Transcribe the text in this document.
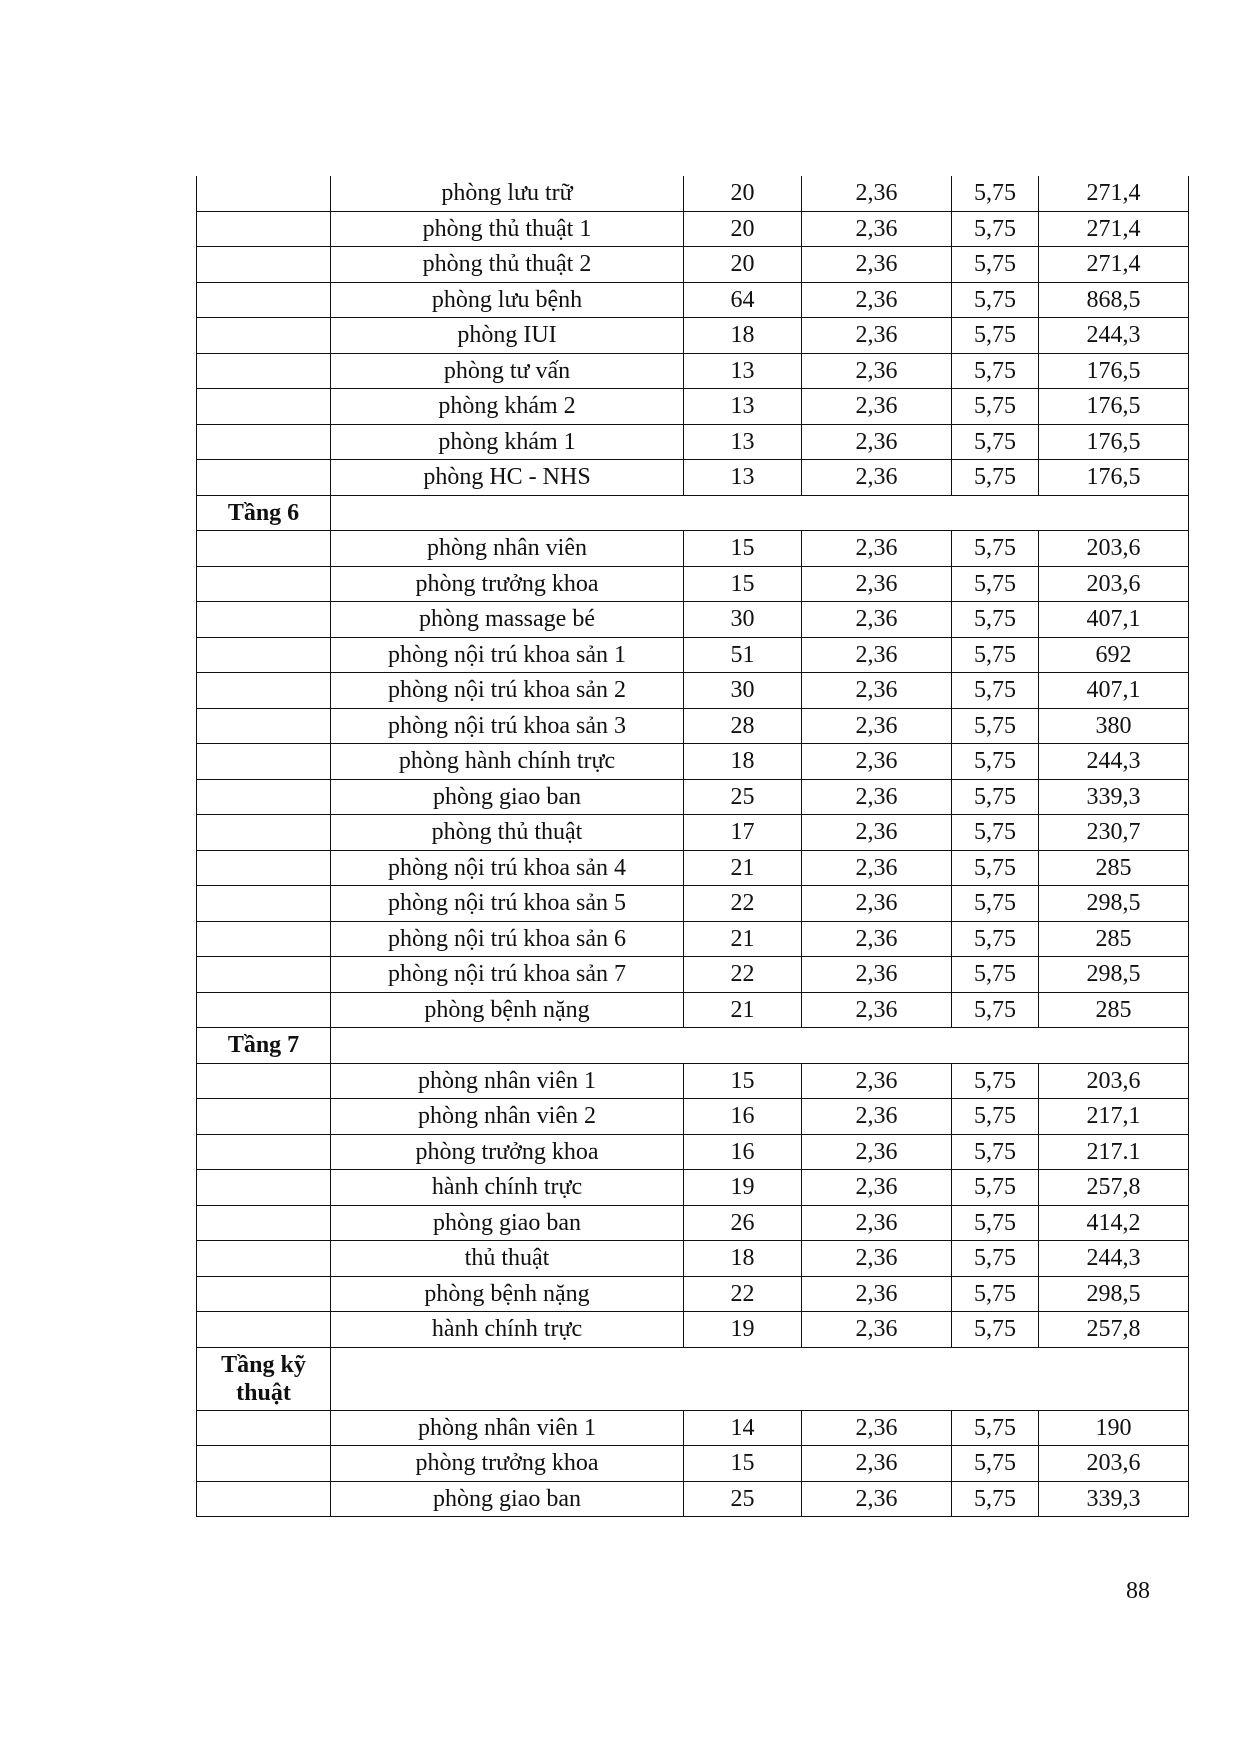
	phòng lưu trữ	20	2,36	5,75	271,4
	phòng thủ thuật 1	20	2,36	5,75	271,4
	phòng thủ thuật 2	20	2,36	5,75	271,4
	phòng lưu bệnh	64	2,36	5,75	868,5
	phòng IUI	18	2,36	5,75	244,3
	phòng tư vấn	13	2,36	5,75	176,5
	phòng khám 2	13	2,36	5,75	176,5
	phòng khám 1	13	2,36	5,75	176,5
	phòng HC - NHS	13	2,36	5,75	176,5
Tầng 6					
	phòng nhân viên	15	2,36	5,75	203,6
	phòng trưởng khoa	15	2,36	5,75	203,6
	phòng massage bé	30	2,36	5,75	407,1
	phòng nội trú khoa sản 1	51	2,36	5,75	692
	phòng nội trú khoa sản 2	30	2,36	5,75	407,1
	phòng nội trú khoa sản 3	28	2,36	5,75	380
	phòng hành chính trực	18	2,36	5,75	244,3
	phòng giao ban	25	2,36	5,75	339,3
	phòng thủ thuật	17	2,36	5,75	230,7
	phòng nội trú khoa sản 4	21	2,36	5,75	285
	phòng nội trú khoa sản 5	22	2,36	5,75	298,5
	phòng nội trú khoa sản 6	21	2,36	5,75	285
	phòng nội trú khoa sản 7	22	2,36	5,75	298,5
	phòng bệnh nặng	21	2,36	5,75	285
Tầng 7					
	phòng nhân viên 1	15	2,36	5,75	203,6
	phòng nhân viên 2	16	2,36	5,75	217,1
	phòng trưởng khoa	16	2,36	5,75	217.1
	hành chính trực	19	2,36	5,75	257,8
	phòng giao ban	26	2,36	5,75	414,2
	thủ thuật	18	2,36	5,75	244,3
	phòng bệnh nặng	22	2,36	5,75	298,5
	hành chính trực	19	2,36	5,75	257,8
Tầng kỹ thuật					
	phòng nhân viên 1	14	2,36	5,75	190
	phòng trưởng khoa	15	2,36	5,75	203,6
	phòng giao ban	25	2,36	5,75	339,3
88
